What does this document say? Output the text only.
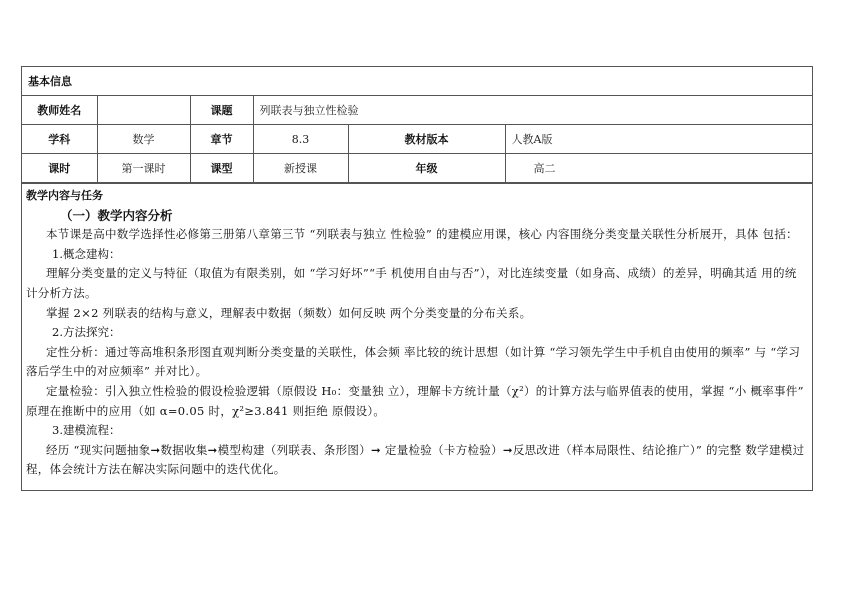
基本信息					
教师姓名		课题	列联表与独立性检验		
学科	数学	章节	8.3	教材版本	人教A版
课时	第一课时	课型	新授课	年级	高二
教学内容与任务
（一）教学内容分析
本节课是高中数学选择性必修第三册第八章第三节 “列联表与独立 性检验” 的建模应用课，核心 内容围绕分类变量关联性分析展开，具体 包括：
1.概念建构：
理解分类变量的定义与特征（取值为有限类别，如 “学习好坏”“手 机使用自由与否”），对比连续变量（如身高、成绩）的差异，明确其适 用的统计分析方法。
掌握 2×2 列联表的结构与意义，理解表中数据（频数）如何反映 两个分类变量的分布关系。
2.方法探究：
定性分析：通过等高堆积条形图直观判断分类变量的关联性，体会频 率比较的统计思想（如计算 “学习领先学生中手机自由使用的频率” 与 “学习落后学生中的对应频率” 并对比）。
定量检验：引入独立性检验的假设检验逻辑（原假设 H₀：变量独 立），理解卡方统计量（χ²）的计算方法与临界值表的使用，掌握 “小 概率事件” 原理在推断中的应用（如 α=0.05 时，χ²≥3.841 则拒绝 原假设）。
3.建模流程：
经历 “现实问题抽象➞数据收集➞模型构建（列联表、条形图）➞ 定量检验（卡方检验）➞反思改进（样本局限性、结论推广）” 的完整 数学建模过程，体会统计方法在解决实际问题中的迭代优化。
